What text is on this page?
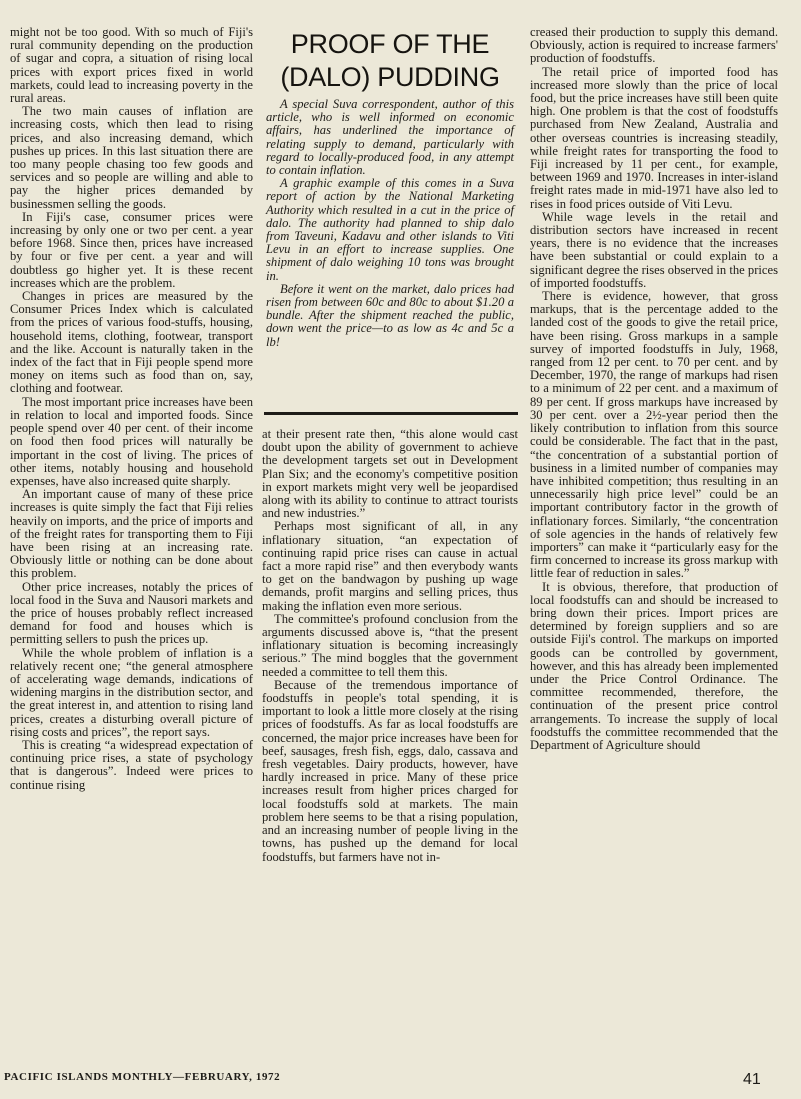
might not be too good. With so much of Fiji's rural community depending on the production of sugar and copra, a situation of rising local prices with export prices fixed in world markets, could lead to increasing poverty in the rural areas.

The two main causes of inflation are increasing costs, which then lead to rising prices, and also increasing demand, which pushes up prices. In this last situation there are too many people chasing too few goods and services and so people are willing and able to pay the higher prices demanded by businessmen selling the goods.

In Fiji's case, consumer prices were increasing by only one or two per cent. a year before 1968. Since then, prices have increased by four or five per cent. a year and will doubtless go higher yet. It is these recent increases which are the problem.

Changes in prices are measured by the Consumer Prices Index which is calculated from the prices of various food-stuffs, housing, household items, clothing, footwear, transport and the like. Account is naturally taken in the index of the fact that in Fiji people spend more money on items such as food than on, say, clothing and footwear.

The most important price increases have been in relation to local and imported foods. Since people spend over 40 per cent. of their income on food then food prices will naturally be important in the cost of living. The prices of other items, notably housing and household expenses, have also increased quite sharply.

An important cause of many of these price increases is quite simply the fact that Fiji relies heavily on imports, and the price of imports and of the freight rates for transporting them to Fiji have been rising at an increasing rate. Obviously little or nothing can be done about this problem.

Other price increases, notably the prices of local food in the Suva and Nausori markets and the price of houses probably reflect increased demand for food and houses which is permitting sellers to push the prices up.

While the whole problem of inflation is a relatively recent one; “the general atmosphere of accelerating wage demands, indications of widening margins in the distribution sector, and the great interest in, and attention to rising land prices, creates a disturbing overall picture of rising costs and prices”, the report says.

This is creating “a widespread expectation of continuing price rises, a state of psychology that is dangerous”. Indeed were prices to continue rising

PROOF OF THE
(DALO) PUDDING

A special Suva correspondent, author of this article, who is well informed on economic affairs, has underlined the importance of relating supply to demand, particularly with regard to locally-produced food, in any attempt to contain inflation.

A graphic example of this comes in a Suva report of action by the National Marketing Authority which resulted in a cut in the price of dalo. The authority had planned to ship dalo from Taveuni, Kadavu and other islands to Viti Levu in an effort to increase supplies. One shipment of dalo weighing 10 tons was brought in.

Before it went on the market, dalo prices had risen from between 60c and 80c to about $1.20 a bundle. After the shipment reached the public, down went the price—to as low as 4c and 5c a lb!

at their present rate then, “this alone would cast doubt upon the ability of government to achieve the development targets set out in Development Plan Six; and the economy's competitive position in export markets might very well be jeopardised along with its ability to continue to attract tourists and new industries.”

Perhaps most significant of all, in any inflationary situation, “an expectation of continuing rapid price rises can cause in actual fact a more rapid rise” and then everybody wants to get on the bandwagon by pushing up wage demands, profit margins and selling prices, thus making the inflation even more serious.

The committee's profound conclusion from the arguments discussed above is, “that the present inflationary situation is becoming increasingly serious.” The mind boggles that the government needed a committee to tell them this.

Because of the tremendous importance of foodstuffs in people's total spending, it is important to look a little more closely at the rising prices of foodstuffs. As far as local foodstuffs are concerned, the major price increases have been for beef, sausages, fresh fish, eggs, dalo, cassava and fresh vegetables. Dairy products, however, have hardly increased in price. Many of these price increases result from higher prices charged for local foodstuffs sold at markets. The main problem here seems to be that a rising population, and an increasing number of people living in the towns, has pushed up the demand for local foodstuffs, but farmers have not in-

creased their production to supply this demand. Obviously, action is required to increase farmers' production of foodstuffs.

The retail price of imported food has increased more slowly than the price of local food, but the price increases have still been quite high. One problem is that the cost of foodstuffs purchased from New Zealand, Australia and other overseas countries is increasing steadily, while freight rates for transporting the food to Fiji increased by 11 per cent., for example, between 1969 and 1970. Increases in inter-island freight rates made in mid-1971 have also led to rises in food prices outside of Viti Levu.

While wage levels in the retail and distribution sectors have increased in recent years, there is no evidence that the increases have been substantial or could explain to a significant degree the rises observed in the prices of imported foodstuffs.

There is evidence, however, that gross markups, that is the percentage added to the landed cost of the goods to give the retail price, have been rising. Gross markups in a sample survey of imported foodstuffs in July, 1968, ranged from 12 per cent. to 70 per cent. and by December, 1970, the range of markups had risen to a minimum of 22 per cent. and a maximum of 89 per cent. If gross markups have increased by 30 per cent. over a 2½-year period then the likely contribution to inflation from this source could be considerable. The fact that in the past, “the concentration of a substantial portion of business in a limited number of companies may have inhibited competition; thus resulting in an unnecessarily high price level” could be an important contributory factor in the growth of inflationary forces. Similarly, “the concentration of sole agencies in the hands of relatively few importers” can make it “particularly easy for the firm concerned to increase its gross markup with little fear of reduction in sales.”

It is obvious, therefore, that production of local foodstuffs can and should be increased to bring down their prices. Import prices are determined by foreign suppliers and so are outside Fiji's control. The markups on imported goods can be controlled by government, however, and this has already been implemented under the Price Control Ordinance. The committee recommended, therefore, the continuation of the present price control arrangements. To increase the supply of local foodstuffs the committee recommended that the Department of Agriculture should

PACIFIC ISLANDS MONTHLY—FEBRUARY, 1972	41
